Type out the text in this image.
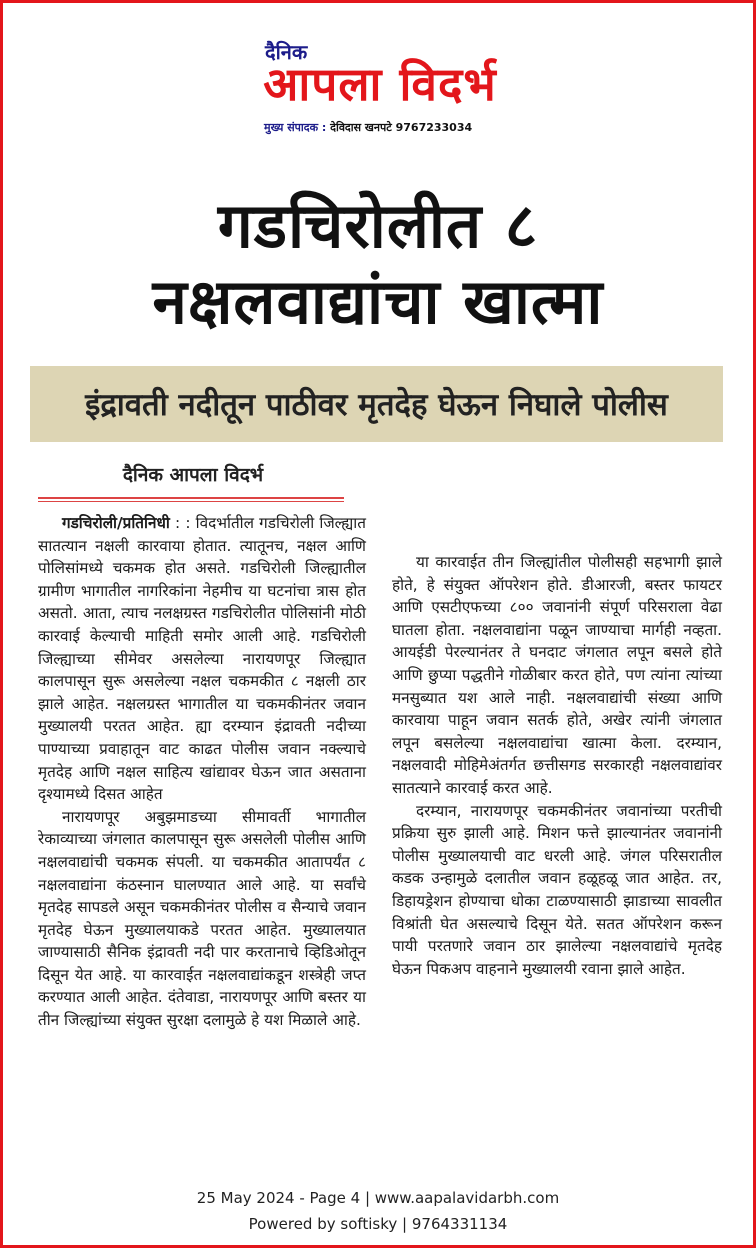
दैनिक
आपला विदर्भ
मुख्य संपादक : देविदास खनपटे 9767233034
गडचिरोलीत ८
नक्षलवाद्यांचा खात्मा
इंद्रावती नदीतून पाठीवर मृतदेह घेऊन निघाले पोलीस
दैनिक आपला विदर्भ

गडचिरोली/प्रतिनिधी : : विदर्भातील गडचिरोली जिल्ह्यात सातत्यान नक्षली कारवाया होतात. त्यातूनच, नक्षल आणि पोलिसांमध्ये चकमक होत असते. गडचिरोली जिल्ह्यातील ग्रामीण भागातील नागरिकांना नेहमीच या घटनांचा त्रास होत असतो. आता, त्याच नलक्षग्रस्त गडचिरोलीत पोलिसांनी मोठी कारवाई केल्याची माहिती समोर आली आहे. गडचिरोली जिल्ह्याच्या सीमेवर असलेल्या नारायणपूर जिल्ह्यात कालपासून सुरू असलेल्या नक्षल चकमकीत ८ नक्षली ठार झाले आहेत. नक्षलग्रस्त भागातील या चकमकीनंतर जवान मुख्यालयी परतत आहेत. ह्या दरम्यान इंद्रावती नदीच्या पाण्याच्या प्रवाहातून वाट काढत पोलीस जवान नक्ल्याचे मृतदेह आणि नक्षल साहित्य खांद्यावर घेऊन जात असताना दृश्यामध्ये दिसत आहेत

नारायणपूर अबुझमाडच्या सीमावर्ती भागातील रेकाव्याच्या जंगलात कालपासून सुरू असलेली पोलीस आणि नक्षलवाद्यांची चकमक संपली. या चकमकीत आतापर्यंत ८ नक्षलवाद्यांना कंठस्नान घालण्यात आले आहे. या सर्वांचे मृतदेह सापडले असून चकमकीनंतर पोलीस व सैन्याचे जवान मृतदेह घेऊन मुख्यालयाकडे परतत आहेत. मुख्यालयात जाण्यासाठी सैनिक इंद्रावती नदी पार करतानाचे व्हिडिओतून दिसून येत आहे. या कारवाईत नक्षलवाद्यांकडून शस्त्रेही जप्त करण्यात आली आहेत. दंतेवाडा, नारायणपूर आणि बस्तर या तीन जिल्ह्यांच्या संयुक्त सुरक्षा दलामुळे हे यश मिळाले आहे.

या कारवाईत तीन जिल्ह्यांतील पोलीसही सहभागी झाले होते, हे संयुक्त ऑपरेशन होते. डीआरजी, बस्तर फायटर आणि एसटीएफच्या ८०० जवानांनी संपूर्ण परिसराला वेढा घातला होता. नक्षलवाद्यांना पळून जाण्याचा मार्गही नव्हता. आयईडी पेरल्यानंतर ते घनदाट जंगलात लपून बसले होते आणि छुप्या पद्धतीने गोळीबार करत होते, पण त्यांना त्यांच्या मनसुब्यात यश आले नाही. नक्षलवाद्यांची संख्या आणि कारवाया पाहून जवान सतर्क होते, अखेर त्यांनी जंगलात लपून बसलेल्या नक्षलवाद्यांचा खात्मा केला. दरम्यान, नक्षलवादी मोहिमेअंतर्गत छत्तीसगड सरकारही नक्षलवाद्यांवर सातत्याने कारवाई करत आहे.

दरम्यान, नारायणपूर चकमकीनंतर जवानांच्या परतीची प्रक्रिया सुरु झाली आहे. मिशन फत्ते झाल्यानंतर जवानांनी पोलीस मुख्यालयाची वाट धरली आहे. जंगल परिसरातील कडक उन्हामुळे दलातील जवान हळूहळू जात आहेत. तर, डिहायड्रेशन होण्याचा धोका टाळण्यासाठी झाडाच्या सावलीत विश्रांती घेत असल्याचे दिसून येते. सतत ऑपरेशन करून पायी परतणारे जवान ठार झालेल्या नक्षलवाद्यांचे मृतदेह घेऊन पिकअप वाहनाने मुख्यालयी रवाना झाले आहेत.

25 May 2024 - Page 4 | www.aapalavidarbh.com
Powered by softisky | 9764331134
